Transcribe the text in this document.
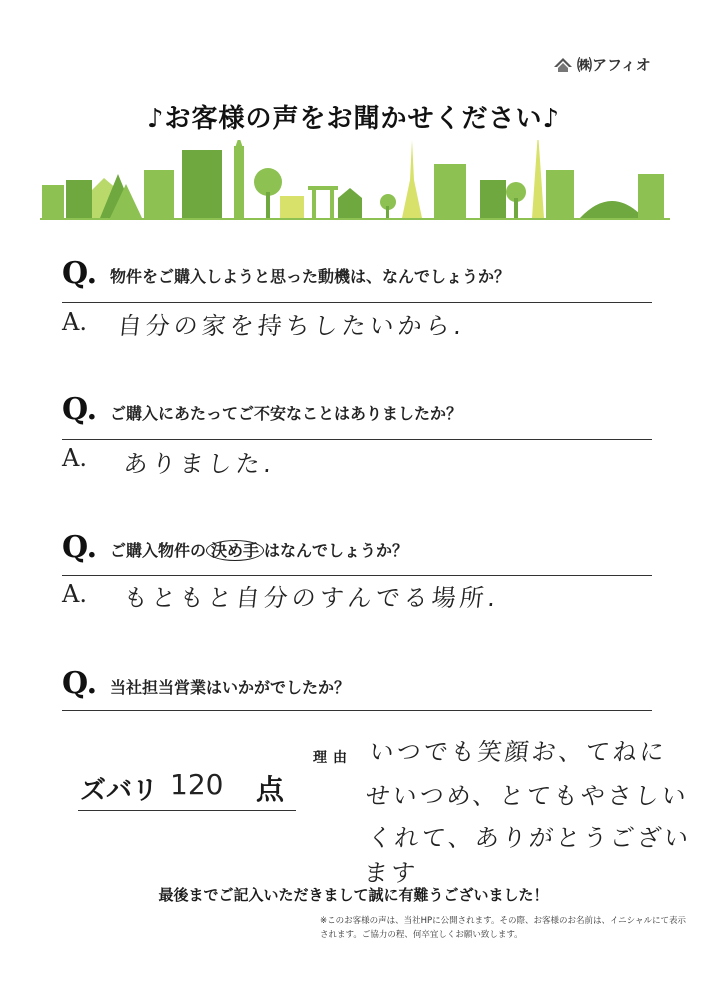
㈱アフィオ
♪お客様の声をお聞かせください♪
Q. 物件をご購入しようと思った動機は、なんでしょうか？
A. 自分の家を持ちしたいから.
Q. ご購入にあたってご不安なことはありましたか？
A. ありました.
Q. ご購入物件の 決め手 はなんでしょうか？
A. もともと自分のすんでる場所.
Q. 当社担当営業はいかがでしたか？
ズバリ 120 点
理由 いつでも笑顔お、てねに
せいつめ、とてもやさしい
くれて、ありがとうございます
最後までご記入いただきまして誠に有難うございました！
※このお客様の声は、当社HPに公開されます。その際、お客様のお名前は、イニシャルにて表示されます。ご協力の程、何卒宜しくお願い致します。
